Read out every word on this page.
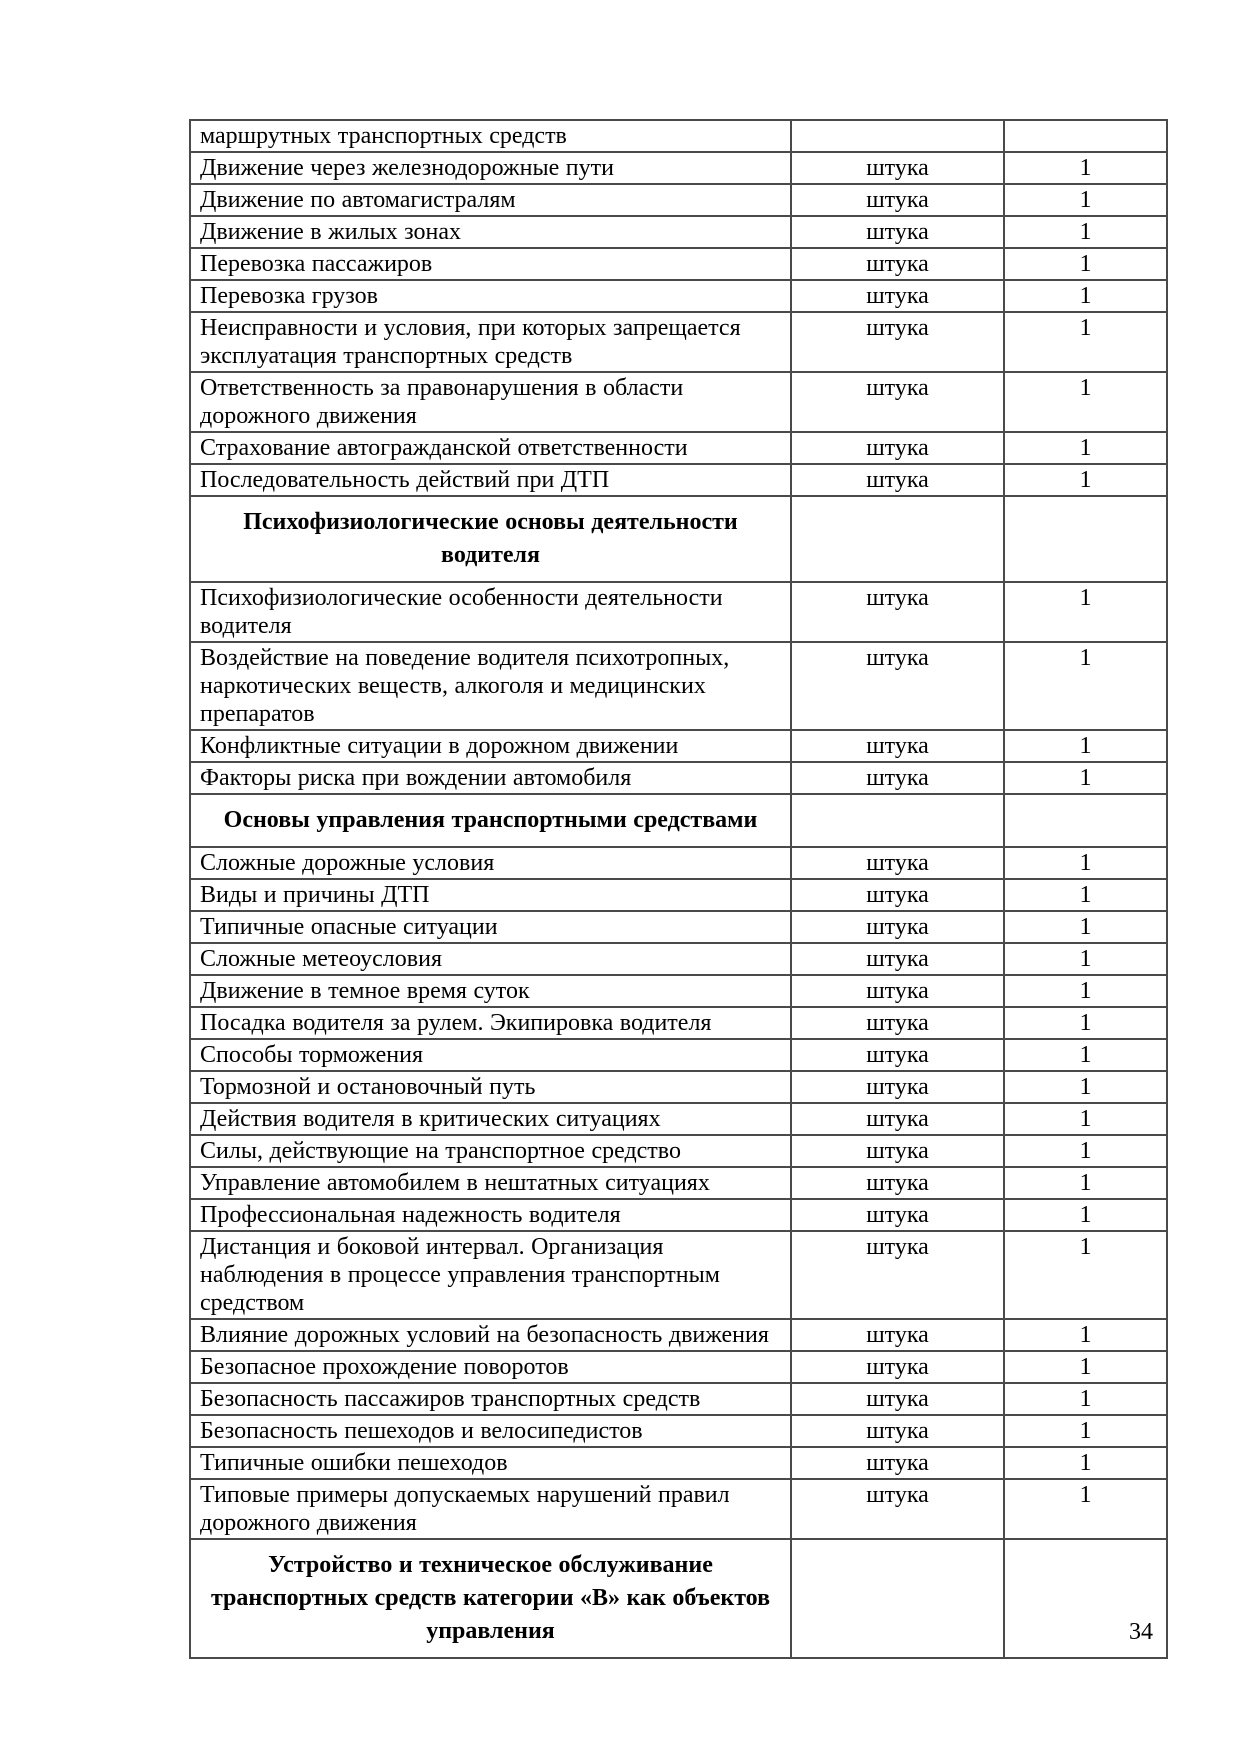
маршрутных транспортных средств		
Движение через железнодорожные пути	штука	1
Движение по автомагистралям	штука	1
Движение в жилых зонах	штука	1
Перевозка пассажиров	штука	1
Перевозка грузов	штука	1
Неисправности и условия, при которых запрещается эксплуатация транспортных средств	штука	1
Ответственность за правонарушения в области дорожного движения	штука	1
Страхование автогражданской ответственности	штука	1
Последовательность действий при ДТП	штука	1
Психофизиологические основы деятельности водителя		
Психофизиологические особенности деятельности водителя	штука	1
Воздействие на поведение водителя психотропных, наркотических веществ, алкоголя и медицинских препаратов	штука	1
Конфликтные ситуации в дорожном движении	штука	1
Факторы риска при вождении автомобиля	штука	1
Основы управления транспортными средствами		
Сложные дорожные условия	штука	1
Виды и причины ДТП	штука	1
Типичные опасные ситуации	штука	1
Сложные метеоусловия	штука	1
Движение в темное время суток	штука	1
Посадка водителя за рулем. Экипировка водителя	штука	1
Способы торможения	штука	1
Тормозной и остановочный путь	штука	1
Действия водителя в критических ситуациях	штука	1
Силы, действующие на транспортное средство	штука	1
Управление автомобилем в нештатных ситуациях	штука	1
Профессиональная надежность водителя	штука	1
Дистанция и боковой интервал. Организация наблюдения в процессе управления транспортным средством	штука	1
Влияние дорожных условий на безопасность движения	штука	1
Безопасное прохождение поворотов	штука	1
Безопасность пассажиров транспортных средств	штука	1
Безопасность пешеходов и велосипедистов	штука	1
Типичные ошибки пешеходов	штука	1
Типовые примеры допускаемых нарушений правил дорожного движения	штука	1
Устройство и техническое обслуживание транспортных средств категории «В» как объектов управления			34
